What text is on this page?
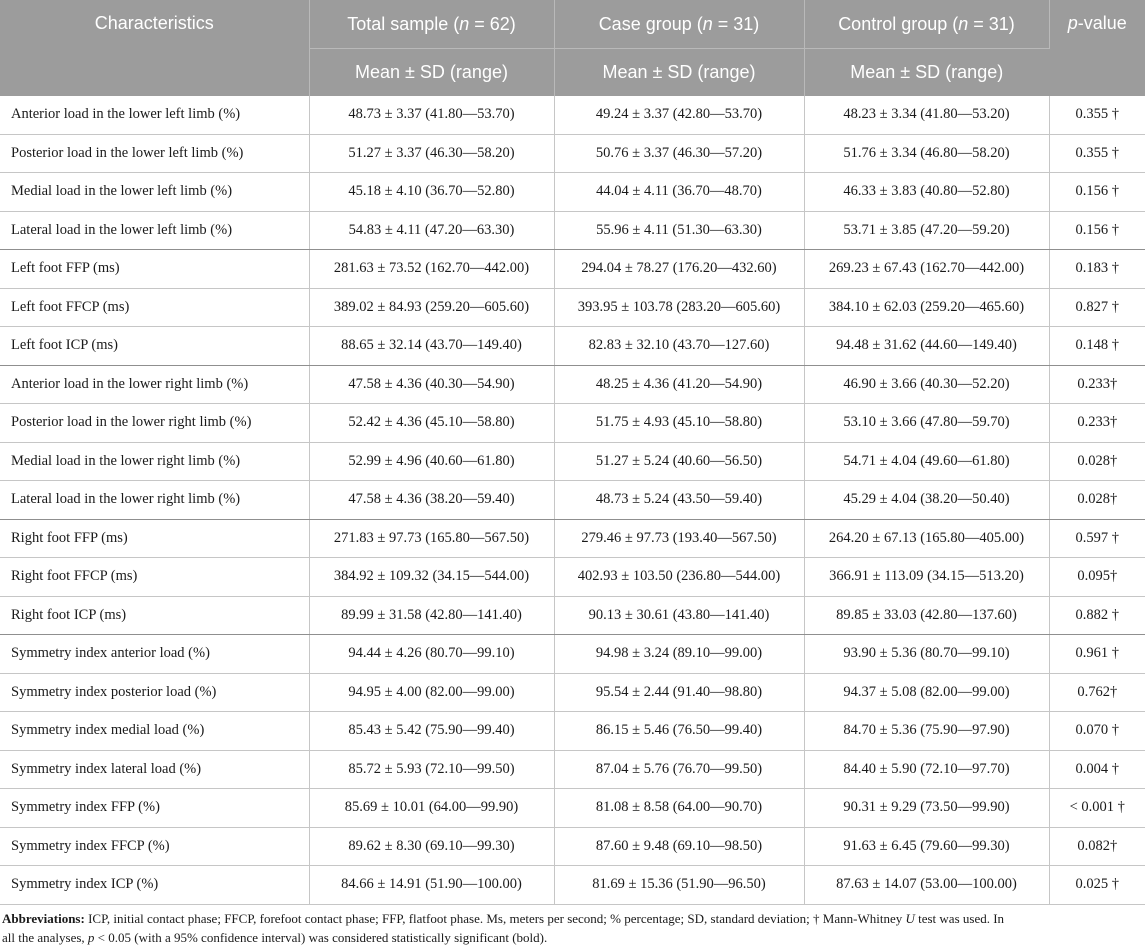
Characteristics	Total sample (n = 62)	Case group (n = 31)	Control group (n = 31)	p-value
	Mean ± SD (range)	Mean ± SD (range)	Mean ± SD (range)	
Anterior load in the lower left limb (%)	48.73 ± 3.37 (41.80—53.70)	49.24 ± 3.37 (42.80—53.70)	48.23 ± 3.34 (41.80—53.20)	0.355 †
Posterior load in the lower left limb (%)	51.27 ± 3.37 (46.30—58.20)	50.76 ± 3.37 (46.30—57.20)	51.76 ± 3.34 (46.80—58.20)	0.355 †
Medial load in the lower left limb (%)	45.18 ± 4.10 (36.70—52.80)	44.04 ± 4.11 (36.70—48.70)	46.33 ± 3.83 (40.80—52.80)	0.156 †
Lateral load in the lower left limb (%)	54.83 ± 4.11 (47.20—63.30)	55.96 ± 4.11 (51.30—63.30)	53.71 ± 3.85 (47.20—59.20)	0.156 †
Left foot FFP (ms)	281.63 ± 73.52 (162.70—442.00)	294.04 ± 78.27 (176.20—432.60)	269.23 ± 67.43 (162.70—442.00)	0.183 †
Left foot FFCP (ms)	389.02 ± 84.93 (259.20—605.60)	393.95 ± 103.78 (283.20—605.60)	384.10 ± 62.03 (259.20—465.60)	0.827 †
Left foot ICP (ms)	88.65 ± 32.14 (43.70—149.40)	82.83 ± 32.10 (43.70—127.60)	94.48 ± 31.62 (44.60—149.40)	0.148 †
Anterior load in the lower right limb (%)	47.58 ± 4.36 (40.30—54.90)	48.25 ± 4.36 (41.20—54.90)	46.90 ± 3.66 (40.30—52.20)	0.233†
Posterior load in the lower right limb (%)	52.42 ± 4.36 (45.10—58.80)	51.75 ± 4.93 (45.10—58.80)	53.10 ± 3.66 (47.80—59.70)	0.233†
Medial load in the lower right limb (%)	52.99 ± 4.96 (40.60—61.80)	51.27 ± 5.24 (40.60—56.50)	54.71 ± 4.04 (49.60—61.80)	0.028†
Lateral load in the lower right limb (%)	47.58 ± 4.36 (38.20—59.40)	48.73 ± 5.24 (43.50—59.40)	45.29 ± 4.04 (38.20—50.40)	0.028†
Right foot FFP (ms)	271.83 ± 97.73 (165.80—567.50)	279.46 ± 97.73 (193.40—567.50)	264.20 ± 67.13 (165.80—405.00)	0.597 †
Right foot FFCP (ms)	384.92 ± 109.32 (34.15—544.00)	402.93 ± 103.50 (236.80—544.00)	366.91 ± 113.09 (34.15—513.20)	0.095†
Right foot ICP (ms)	89.99 ± 31.58 (42.80—141.40)	90.13 ± 30.61 (43.80—141.40)	89.85 ± 33.03 (42.80—137.60)	0.882 †
Symmetry index anterior load (%)	94.44 ± 4.26 (80.70—99.10)	94.98 ± 3.24 (89.10—99.00)	93.90 ± 5.36 (80.70—99.10)	0.961 †
Symmetry index posterior load (%)	94.95 ± 4.00 (82.00—99.00)	95.54 ± 2.44 (91.40—98.80)	94.37 ± 5.08 (82.00—99.00)	0.762†
Symmetry index medial load (%)	85.43 ± 5.42 (75.90—99.40)	86.15 ± 5.46 (76.50—99.40)	84.70 ± 5.36 (75.90—97.90)	0.070 †
Symmetry index lateral load (%)	85.72 ± 5.93 (72.10—99.50)	87.04 ± 5.76 (76.70—99.50)	84.40 ± 5.90 (72.10—97.70)	0.004 †
Symmetry index FFP (%)	85.69 ± 10.01 (64.00—99.90)	81.08 ± 8.58 (64.00—90.70)	90.31 ± 9.29 (73.50—99.90)	< 0.001 †
Symmetry index FFCP (%)	89.62 ± 8.30 (69.10—99.30)	87.60 ± 9.48 (69.10—98.50)	91.63 ± 6.45 (79.60—99.30)	0.082†
Symmetry index ICP (%)	84.66 ± 14.91 (51.90—100.00)	81.69 ± 15.36 (51.90—96.50)	87.63 ± 14.07 (53.00—100.00)	0.025 †
Abbreviations: ICP, initial contact phase; FFCP, forefoot contact phase; FFP, flatfoot phase. Ms, meters per second; % percentage; SD, standard deviation; † Mann-Whitney U test was used. In
all the analyses, p < 0.05 (with a 95% confidence interval) was considered statistically significant (bold).
